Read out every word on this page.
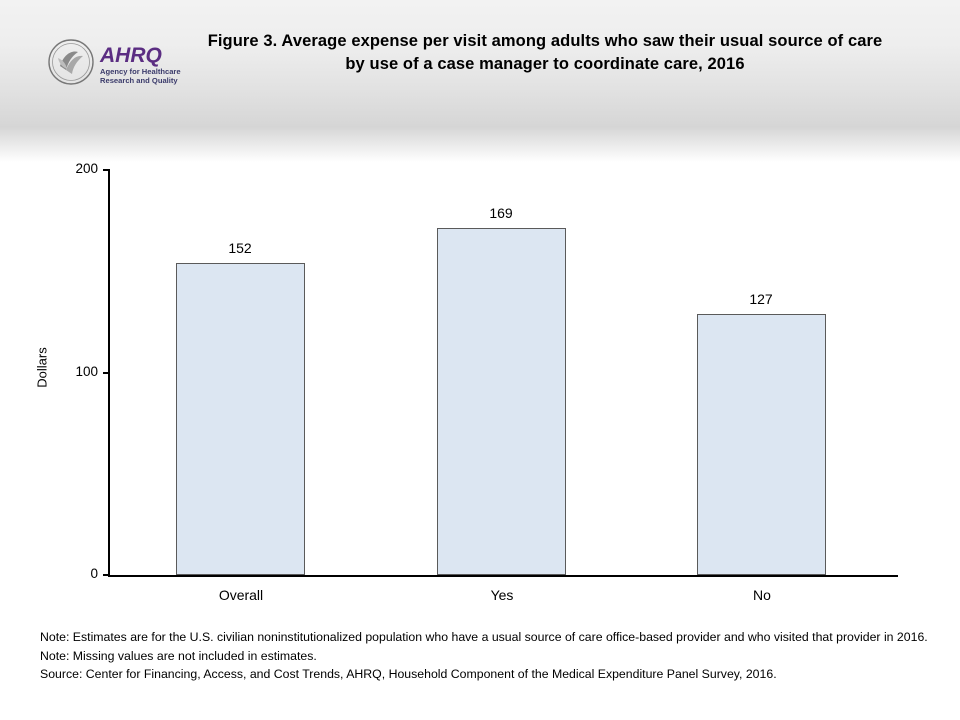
AHRQ
Agency for Healthcare
Research and Quality
Figure 3. Average expense per visit among adults who saw their usual source of care by use of a case manager to coordinate care, 2016
Dollars
200
100
0
152
Overall
169
Yes
127
No
Note: Estimates are for the U.S. civilian noninstitutionalized population who have a usual source of care office-based provider and who visited that provider in 2016.
Note: Missing values are not included in estimates.
Source: Center for Financing, Access, and Cost Trends, AHRQ, Household Component of the Medical Expenditure Panel Survey, 2016.
